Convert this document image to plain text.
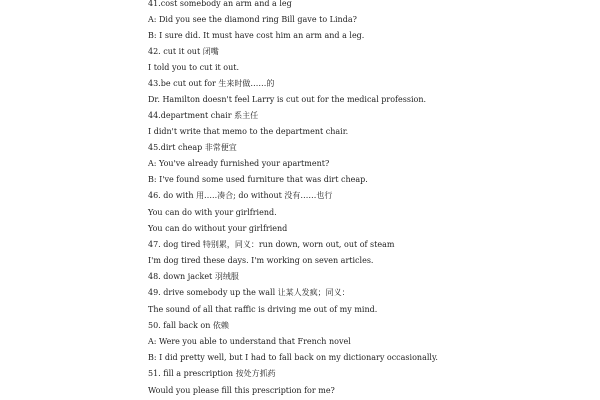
41.cost somebody an arm and a leg
A: Did you see the diamond ring Bill gave to Linda?
B: I sure did. It must have cost him an arm and a leg.
42. cut it out 闭嘴
I told you to cut it out.
43.be cut out for 生来时做……的
Dr. Hamilton doesn't feel Larry is cut out for the medical profession.
44.department chair 系主任
I didn't write that memo to the department chair.
45.dirt cheap 非常便宜
A: You've already furnished your apartment?
B: I've found some used furniture that was dirt cheap.
46. do with 用…..凑合; do without 没有……也行
You can do with your girlfriend.
You can do without your girlfriend
47. dog tired 特别累，同义：run down, worn out, out of steam
I'm dog tired these days. I'm working on seven articles.
48. down jacket 羽绒服
49. drive somebody up the wall 让某人发疯；同义：
The sound of all that raffic is driving me out of my mind.
50. fall back on 依赖
A: Were you able to understand that French novel
B: I did pretty well, but I had to fall back on my dictionary occasionally.
51. fill a prescription 按处方抓药
Would you please fill this prescription for me?
